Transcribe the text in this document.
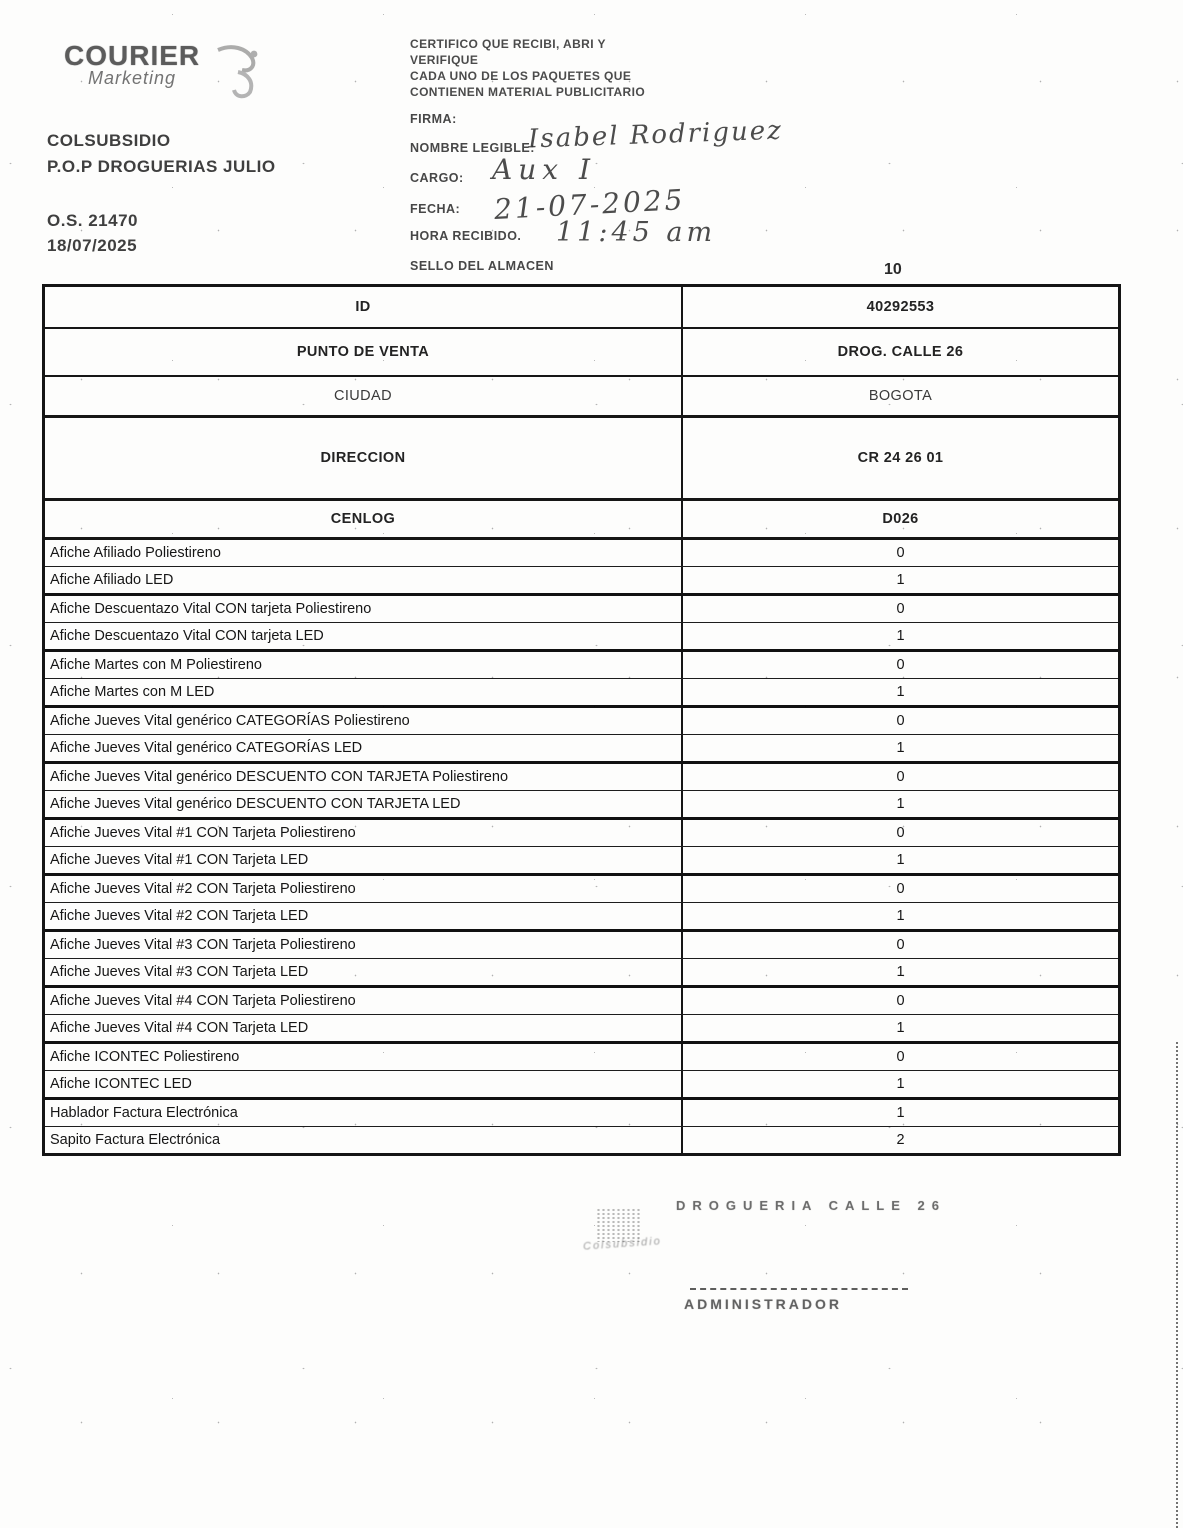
COURIER
Marketing
COLSUBSIDIO
P.O.P DROGUERIAS JULIO
O.S. 21470
18/07/2025
CERTIFICO QUE RECIBI, ABRI Y
VERIFIQUE
CADA UNO DE LOS PAQUETES QUE
CONTIENEN MATERIAL PUBLICITARIO
FIRMA:
NOMBRE LEGIBLE:
CARGO:
FECHA:
HORA RECIBIDO.
SELLO DEL ALMACEN
Isabel Rodriguez
Aux I
21-07-2025
11:45 am
10
ID	40292553
PUNTO DE VENTA	DROG. CALLE 26
CIUDAD	BOGOTA
DIRECCION	CR 24 26 01
CENLOG	D026
Afiche Afiliado Poliestireno	0
Afiche Afiliado LED	1
Afiche Descuentazo Vital CON tarjeta Poliestireno	0
Afiche Descuentazo Vital CON tarjeta LED	1
Afiche Martes con M Poliestireno	0
Afiche Martes con M LED	1
Afiche Jueves Vital genérico CATEGORÍAS Poliestireno	0
Afiche Jueves Vital genérico CATEGORÍAS LED	1
Afiche Jueves Vital genérico DESCUENTO CON TARJETA Poliestireno	0
Afiche Jueves Vital genérico DESCUENTO CON TARJETA LED	1
Afiche Jueves Vital #1 CON Tarjeta Poliestireno	0
Afiche Jueves Vital #1 CON Tarjeta LED	1
Afiche Jueves Vital #2 CON Tarjeta Poliestireno	0
Afiche Jueves Vital #2 CON Tarjeta LED	1
Afiche Jueves Vital #3 CON Tarjeta Poliestireno	0
Afiche Jueves Vital #3 CON Tarjeta LED	1
Afiche Jueves Vital #4 CON Tarjeta Poliestireno	0
Afiche Jueves Vital #4 CON Tarjeta LED	1
Afiche ICONTEC Poliestireno	0
Afiche ICONTEC LED	1
Hablador Factura Electrónica	1
Sapito Factura Electrónica	2
DROGUERIA CALLE 26
Colsubsidio
ADMINISTRADOR
